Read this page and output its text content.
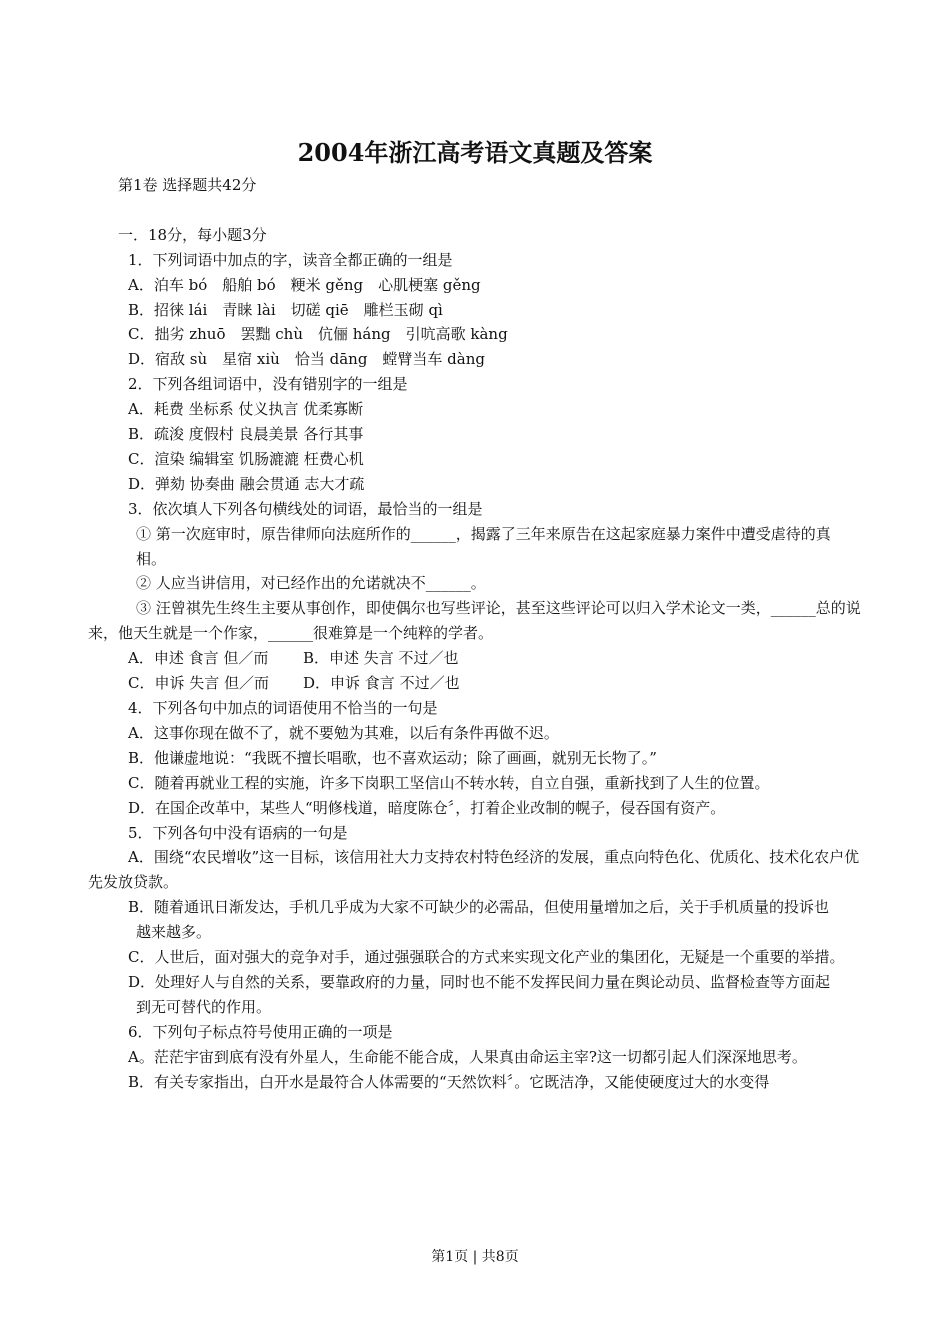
2004年浙江高考语文真题及答案

第1卷 选择题共42分

一．18分，每小题3分

1．下列词语中加点的字，读音全都正确的一组是

A．泊车 bó　船舶 bó　粳米 gěng　心肌梗塞 gěng

B．招徕 lái　青睐 lài　切磋 qiē　雕栏玉砌 qì

C．拙劣 zhuō　罢黜 chù　伉俪 háng　引吭高歌 kàng

D．宿敌 sù　星宿 xiù　恰当 dāng　螳臂当车 dàng

2．下列各组词语中，没有错别字的一组是

A．耗费 坐标系 仗义执言 优柔寡断

B．疏浚 度假村 良晨美景 各行其事

C．渲染 编辑室 饥肠漉漉 枉费心机

D．弹劾 协奏曲 融会贯通 志大才疏

3．依次填人下列各句横线处的词语，最恰当的一组是

① 第一次庭审时，原告律师向法庭所作的______，揭露了三年来原告在这起家庭暴力案件中遭受虐待的真

相。

② 人应当讲信用，对已经作出的允诺就决不______。

③ 汪曾祺先生终生主要从事创作，即使偶尔也写些评论，甚至这些评论可以归入学术论文一类，______总的说来，他天生就是一个作家，______很难算是一个纯粹的学者。

A．申述 食言 但／而 B．申述 失言 不过／也

C．申诉 失言 但／而 D．申诉 食言 不过／也

4．下列各句中加点的词语使用不恰当的一句是

A．这事你现在做不了，就不要勉为其难，以后有条件再做不迟。

B．他谦虚地说：“我既不擅长唱歌，也不喜欢运动；除了画画，就别无长物了。”

C．随着再就业工程的实施，许多下岗职工坚信山不转水转，自立自强，重新找到了人生的位置。

D．在国企改革中，某些人“明修栈道，暗度陈仓〞，打着企业改制的幌子，侵吞国有资产。

5．下列各句中没有语病的一句是

A．围绕“农民增收”这一目标，该信用社大力支持农村特色经济的发展，重点向特色化、优质化、技术化农户优先发放贷款。

B．随着通讯日渐发达，手机几乎成为大家不可缺少的必需品，但使用量增加之后，关于手机质量的投诉也

越来越多。

C．人世后，面对强大的竞争对手，通过强强联合的方式来实现文化产业的集团化，无疑是一个重要的举措。

D．处理好人与自然的关系，要靠政府的力量，同时也不能不发挥民间力量在舆论动员、监督检查等方面起

到无可替代的作用。

6．下列句子标点符号使用正确的一项是

A。茫茫宇宙到底有没有外星人，生命能不能合成，人果真由命运主宰?这一切都引起人们深深地思考。

B．有关专家指出，白开水是最符合人体需要的“天然饮料〞。它既洁净，又能使硬度过大的水变得

第1页 | 共8页
